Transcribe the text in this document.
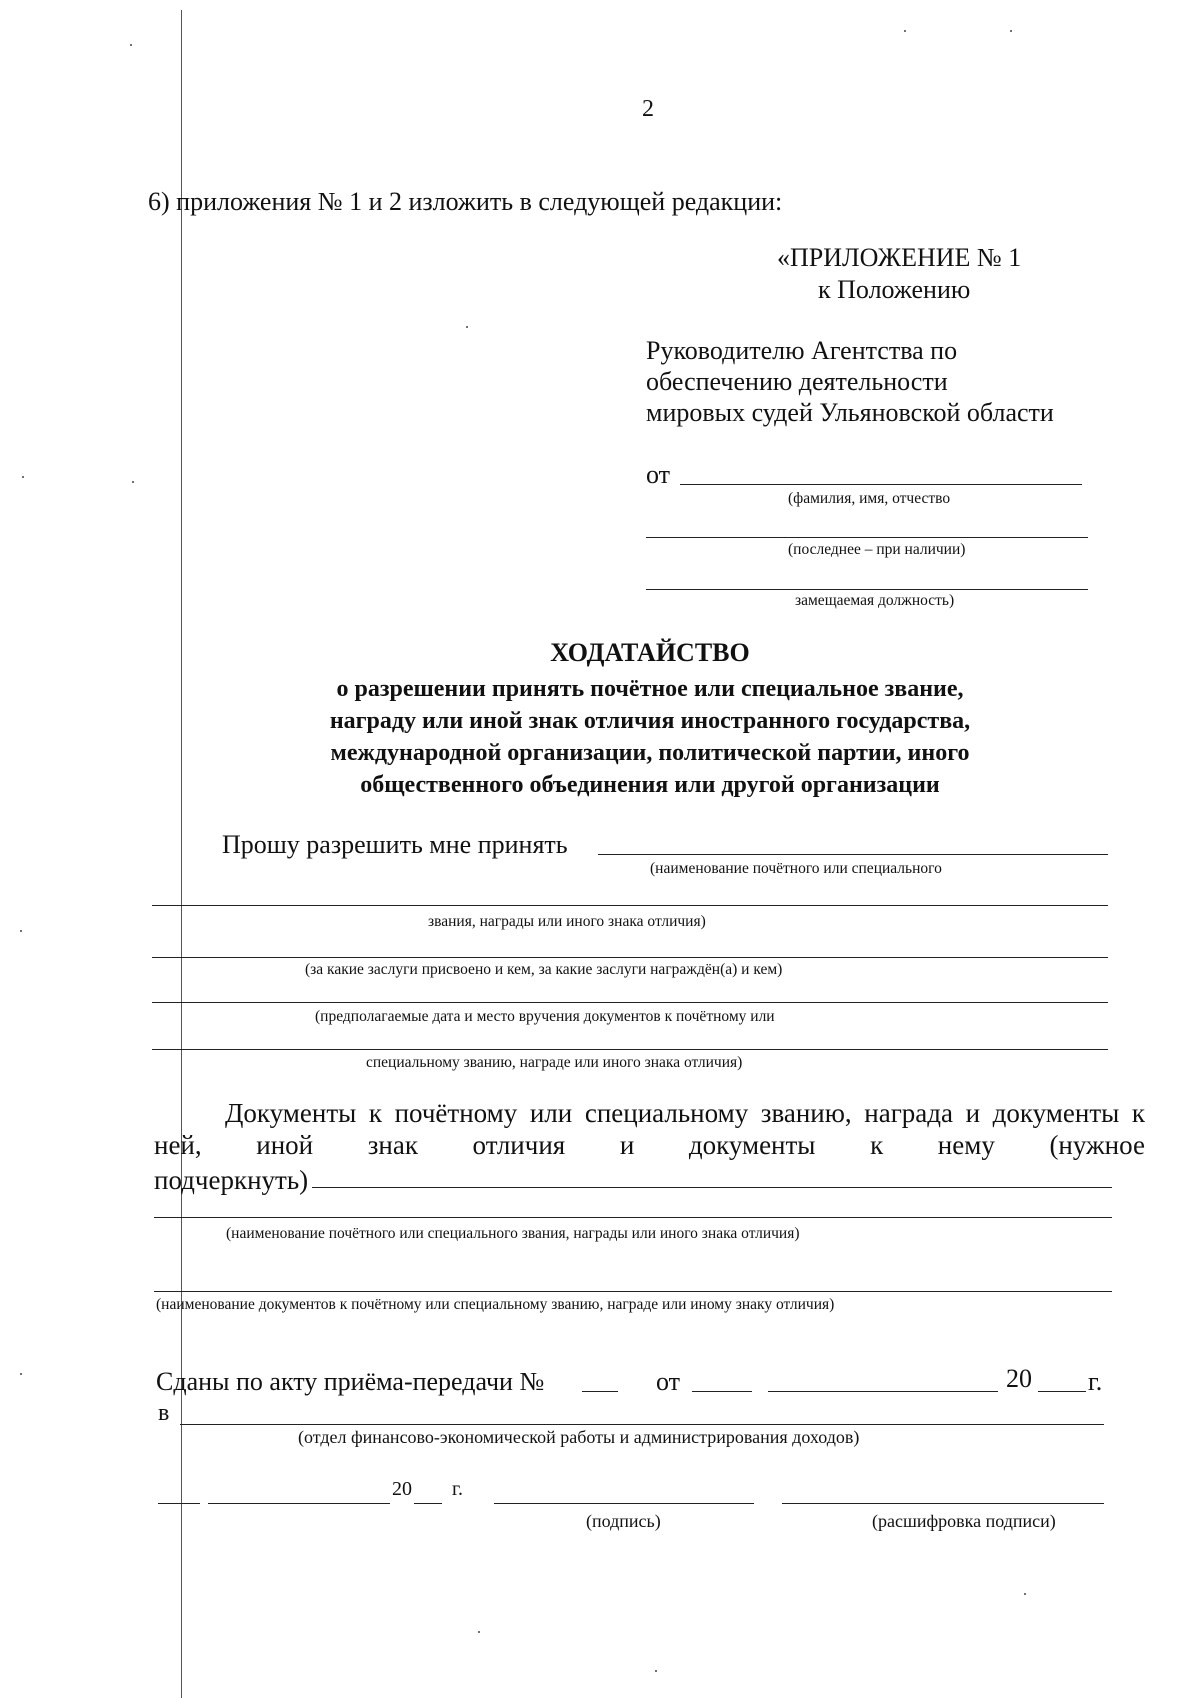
2
6) приложения № 1 и 2 изложить в следующей редакции:
«ПРИЛОЖЕНИЕ № 1
к Положению
Руководителю Агентства по
обеспечению деятельности
мировых судей Ульяновской области
от
(фамилия, имя, отчество
(последнее – при наличии)
замещаемая должность)
ХОДАТАЙСТВО
о разрешении принять почётное или специальное звание,
награду или иной знак отличия иностранного государства,
международной организации, политической партии, иного
общественного объединения или другой организации
Прошу разрешить мне принять
(наименование почётного или специального
звания, награды или иного знака отличия)
(за какие заслуги присвоено и кем, за какие заслуги награждён(а) и кем)
(предполагаемые дата и место вручения документов к почётному или
специальному званию, награде или иного знака отличия)
Документы к почётному или специальному званию, награда и документы к
ней, иной знак отличия и документы к нему (нужное
подчеркнуть)
(наименование почётного или специального звания, награды или иного знака отличия)
(наименование документов к почётному или специальному званию, награде или иному знаку отличия)
Сданы по акту приёма-передачи №	от	20 г.
в
(отдел финансово-экономической работы и администрирования доходов)
20 г.
(подпись)	(расшифровка подписи)
